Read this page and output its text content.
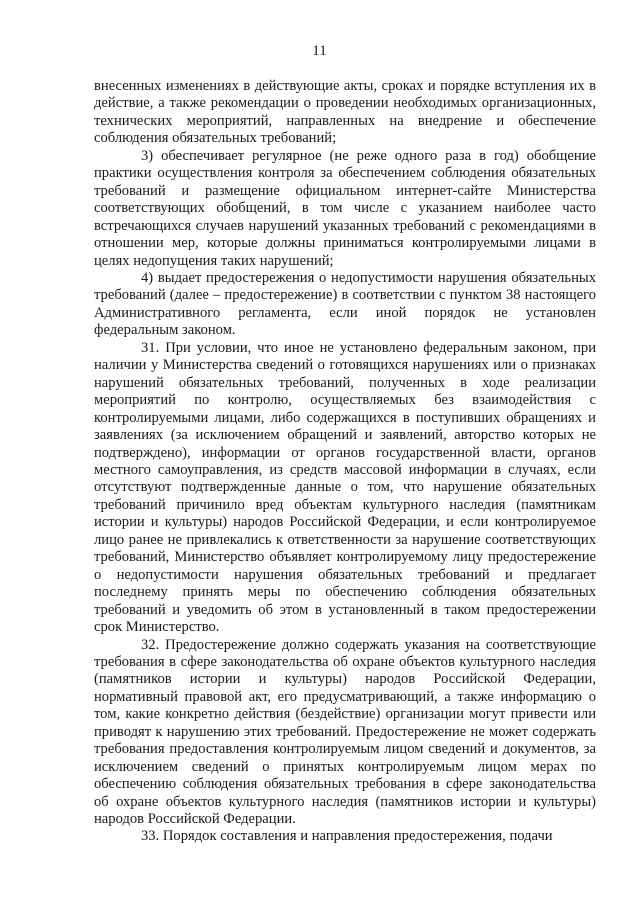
11

внесенных изменениях в действующие акты, сроках и порядке вступления их в действие, а также рекомендации о проведении необходимых организационных, технических мероприятий, направленных на внедрение и обеспечение соблюдения обязательных требований;

3) обеспечивает регулярное (не реже одного раза в год) обобщение практики осуществления контроля за обеспечением соблюдения обязательных требований и размещение официальном интернет-сайте Министерства соответствующих обобщений, в том числе с указанием наиболее часто встречающихся случаев нарушений указанных требований с рекомендациями в отношении мер, которые должны приниматься контролируемыми лицами в целях недопущения таких нарушений;

4) выдает предостережения о недопустимости нарушения обязательных требований (далее – предостережение) в соответствии с пунктом 38 настоящего Административного регламента, если иной порядок не установлен федеральным законом.

31. При условии, что иное не установлено федеральным законом, при наличии у Министерства сведений о готовящихся нарушениях или о признаках нарушений обязательных требований, полученных в ходе реализации мероприятий по контролю, осуществляемых без взаимодействия с контролируемыми лицами, либо содержащихся в поступивших обращениях и заявлениях (за исключением обращений и заявлений, авторство которых не подтверждено), информации от органов государственной власти, органов местного самоуправления, из средств массовой информации в случаях, если отсутствуют подтвержденные данные о том, что нарушение обязательных требований причинило вред объектам культурного наследия (памятникам истории и культуры) народов Российской Федерации, и если контролируемое лицо ранее не привлекались к ответственности за нарушение соответствующих требований, Министерство объявляет контролируемому лицу предостережение о недопустимости нарушения обязательных требований и предлагает последнему принять меры по обеспечению соблюдения обязательных требований и уведомить об этом в установленный в таком предостережении срок Министерство.

32. Предостережение должно содержать указания на соответствующие требования в сфере законодательства об охране объектов культурного наследия (памятников истории и культуры) народов Российской Федерации, нормативный правовой акт, его предусматривающий, а также информацию о том, какие конкретно действия (бездействие) организации могут привести или приводят к нарушению этих требований. Предостережение не может содержать требования предоставления контролируемым лицом сведений и документов, за исключением сведений о принятых контролируемым лицом мерах по обеспечению соблюдения обязательных требования в сфере законодательства об охране объектов культурного наследия (памятников истории и культуры) народов Российской Федерации.

33. Порядок составления и направления предостережения, подачи
